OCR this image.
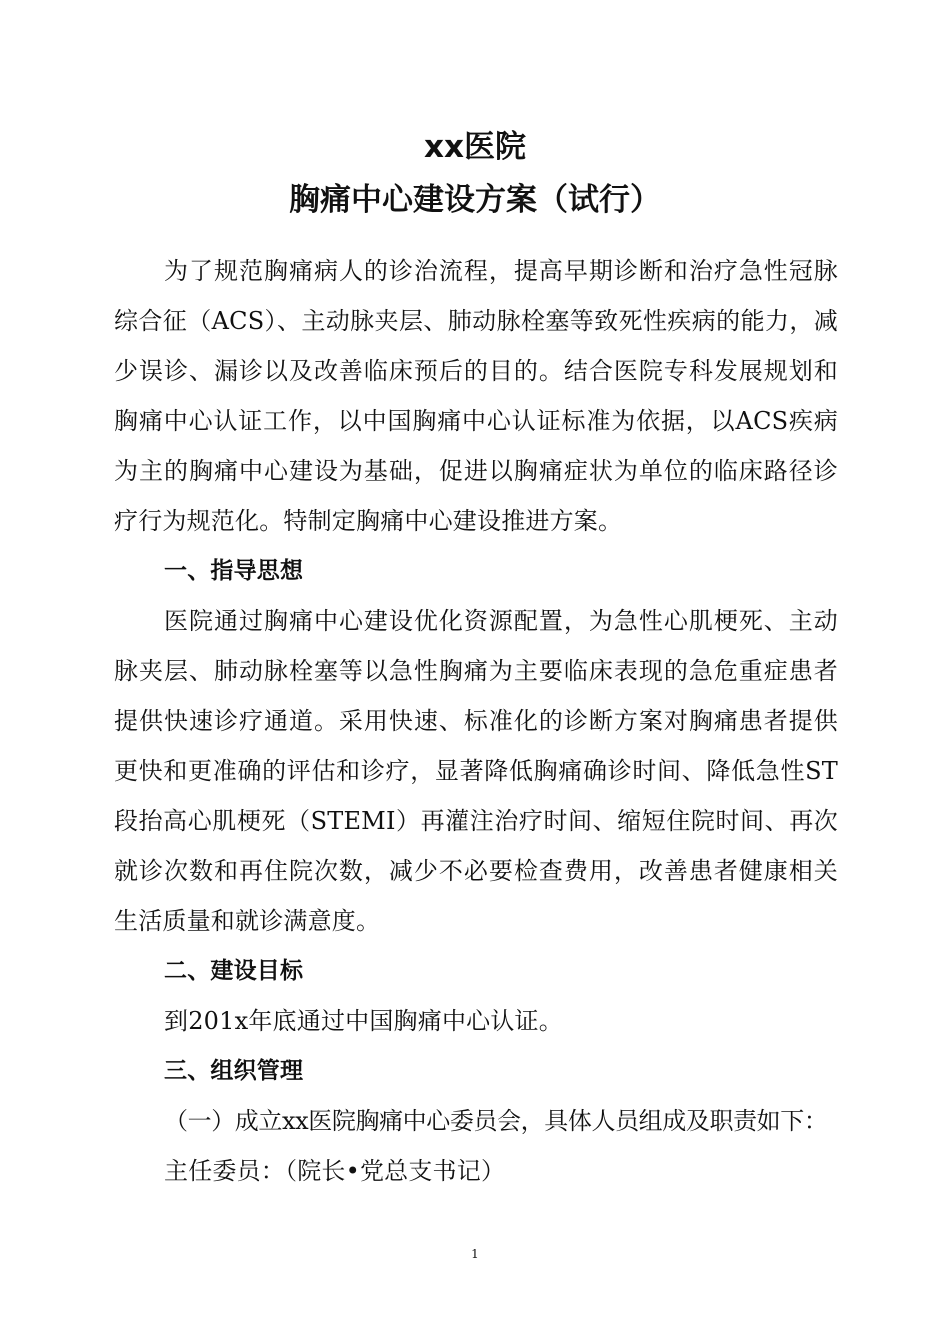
xx医院
胸痛中心建设方案（试行）

为了规范胸痛病人的诊治流程，提高早期诊断和治疗急性冠脉综合征（ACS）、主动脉夹层、肺动脉栓塞等致死性疾病的能力，减少误诊、漏诊以及改善临床预后的目的。结合医院专科发展规划和胸痛中心认证工作，以中国胸痛中心认证标准为依据，以ACS疾病为主的胸痛中心建设为基础，促进以胸痛症状为单位的临床路径诊疗行为规范化。特制定胸痛中心建设推进方案。

一、指导思想

医院通过胸痛中心建设优化资源配置，为急性心肌梗死、主动脉夹层、肺动脉栓塞等以急性胸痛为主要临床表现的急危重症患者提供快速诊疗通道。采用快速、标准化的诊断方案对胸痛患者提供更快和更准确的评估和诊疗，显著降低胸痛确诊时间、降低急性ST段抬高心肌梗死（STEMI）再灌注治疗时间、缩短住院时间、再次就诊次数和再住院次数，减少不必要检查费用，改善患者健康相关生活质量和就诊满意度。

二、建设目标

到201x年底通过中国胸痛中心认证。

三、组织管理

（一）成立xx医院胸痛中心委员会，具体人员组成及职责如下：

主任委员：（院长•党总支书记）

1
